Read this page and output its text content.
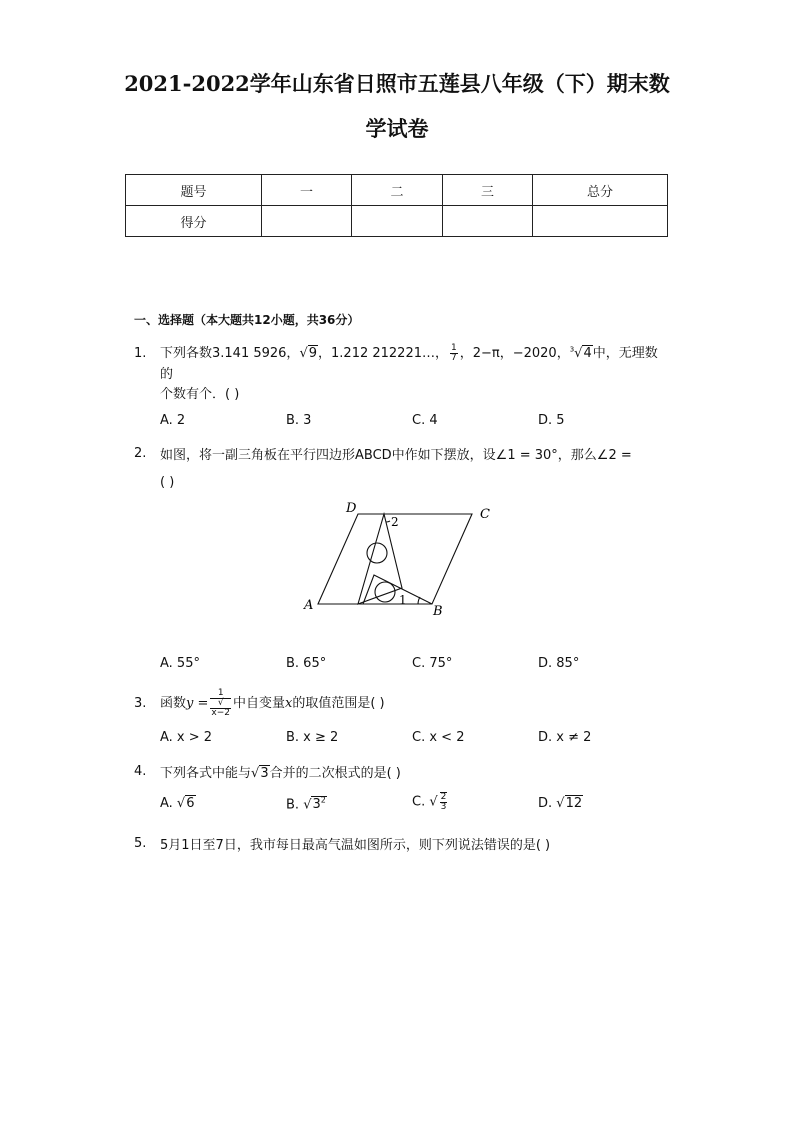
2021-2022学年山东省日照市五莲县八年级（下）期末数
学试卷
题号	一	二	三	总分
得分				
一、选择题（本大题共12小题，共36分）
1. 下列各数3.141 5926，√9，1.212 212221…， $\frac{1}{7}$ ，2−π，−2020，$^3$√4中，无理数的
个数有个．( )
A. 2	B. 3	C. 4	D. 5
2. 如图，将一副三角板在平行四边形ABCD中作如下摆放，设∠1 = 30°，那么∠2 =
( )
D	C
A	B
1
2
A. 55°	B. 65°	C. 75°	D. 85°
3. 函数y = 1
√
x−2 中自变量x的取值范围是( )
A. x > 2	B. x ≥ 2	C. x < 2	D. x ≠ 2
4. 下列各式中能与√3合并的二次根式的是( )
A. √6	B. $√3^2$	C. √ $\frac{2}{3}$	D. √12
5. 5月1日至7日，我市每日最高气温如图所示，则下列说法错误的是( )
